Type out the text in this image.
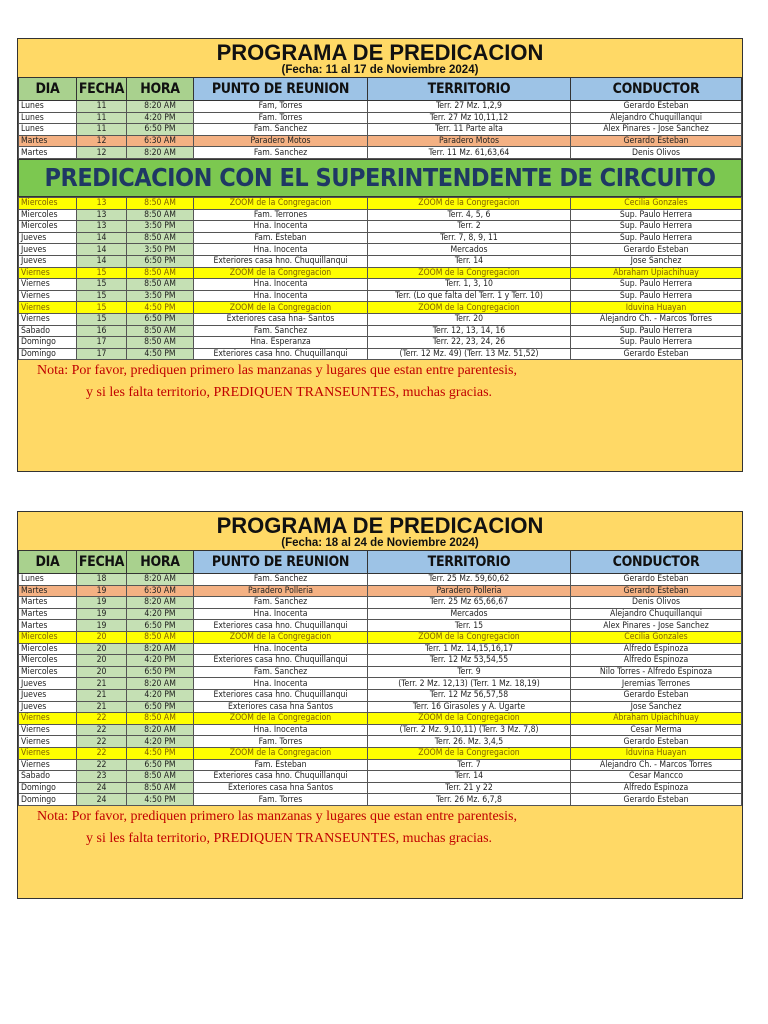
PROGRAMA DE PREDICACION
(Fecha: 11 al 17 de Noviembre 2024)
DIA	FECHA	HORA	PUNTO DE REUNION	TERRITORIO	CONDUCTOR
Lunes	11	8:20 AM	Fam, Torres	Terr. 27 Mz. 1,2,9	Gerardo Esteban
Lunes	11	4:20 PM	Fam. Torres	Terr. 27 Mz 10,11,12	Alejandro Chuquillanqui
Lunes	11	6:50 PM	Fam. Sanchez	Terr. 11 Parte alta	Alex Pinares - Jose Sanchez
Martes	12	6:30 AM	Paradero Motos	Paradero Motos	Gerardo Esteban
Martes	12	8:20 AM	Fam. Sanchez	Terr. 11 Mz. 61,63,64	Denis Olivos
PREDICACION CON EL SUPERINTENDENTE DE CIRCUITO
Miercoles	13	8:50 AM	ZOOM de la Congregacion	ZOOM de la Congregacion	Cecilia Gonzales
Miercoles	13	8:50 AM	Fam. Terrones	Terr. 4, 5, 6	Sup. Paulo Herrera
Miercoles	13	3:50 PM	Hna. Inocenta	Terr. 2	Sup. Paulo Herrera
Jueves	14	8:50 AM	Fam. Esteban	Terr. 7, 8, 9, 11	Sup. Paulo Herrera
Jueves	14	3:50 PM	Hna. Inocenta	Mercados	Gerardo Esteban
Jueves	14	6:50 PM	Exteriores casa hno. Chuquillanqui	Terr. 14	Jose Sanchez
Viernes	15	8:50 AM	ZOOM de la Congregacion	ZOOM de la Congregacion	Abraham Upiachihuay
Viernes	15	8:50 AM	Hna. Inocenta	Terr. 1, 3, 10	Sup. Paulo Herrera
Viernes	15	3:50 PM	Hna. Inocenta	Terr. (Lo que falta del Terr. 1 y Terr. 10)	Sup. Paulo Herrera
Viernes	15	4:50 PM	ZOOM de la Congregacion	ZOOM de la Congregacion	Iduvina Huayan
Viernes	15	6:50 PM	Exteriores casa hna- Santos	Terr. 20	Alejandro Ch. - Marcos Torres
Sabado	16	8:50 AM	Fam. Sanchez	Terr. 12, 13, 14, 16	Sup. Paulo Herrera
Domingo	17	8:50 AM	Hna. Esperanza	Terr. 22, 23, 24, 26	Sup. Paulo Herrera
Domingo	17	4:50 PM	Exteriores casa hno. Chuquillanqui	(Terr. 12 Mz. 49) (Terr. 13 Mz. 51,52)	Gerardo Esteban
Nota: Por favor, prediquen primero las manzanas y lugares que estan entre parentesis,
y si les falta territorio, PREDIQUEN TRANSEUNTES, muchas gracias.
PROGRAMA DE PREDICACION
(Fecha: 18 al 24 de Noviembre 2024)
DIA	FECHA	HORA	PUNTO DE REUNION	TERRITORIO	CONDUCTOR
Lunes	18	8:20 AM	Fam. Sanchez	Terr. 25 Mz. 59,60,62	Gerardo Esteban
Martes	19	6:30 AM	Paradero Polleria	Paradero Polleria	Gerardo Esteban
Martes	19	8:20 AM	Fam. Sanchez	Terr. 25 Mz 65,66,67	Denis Olivos
Martes	19	4:20 PM	Hna. Inocenta	Mercados	Alejandro Chuquillanqui
Martes	19	6:50 PM	Exteriores casa hno. Chuquillanqui	Terr. 15	Alex Pinares - Jose Sanchez
Miercoles	20	8:50 AM	ZOOM de la Congregacion	ZOOM de la Congregacion	Cecilia Gonzales
Miercoles	20	8:20 AM	Hna. Inocenta	Terr. 1 Mz. 14,15,16,17	Alfredo Espinoza
Miercoles	20	4:20 PM	Exteriores casa hno. Chuquillanqui	Terr. 12 Mz 53,54,55	Alfredo Espinoza
Miercoles	20	6:50 PM	Fam. Sanchez	Terr. 9	Nilo Torres - Alfredo Espinoza
Jueves	21	8:20 AM	Hna. Inocenta	(Terr. 2 Mz. 12,13) (Terr. 1 Mz. 18,19)	Jeremias Terrones
Jueves	21	4:20 PM	Exteriores casa hno. Chuquillanqui	Terr. 12 Mz 56,57,58	Gerardo Esteban
Jueves	21	6:50 PM	Exteriores casa hna Santos	Terr. 16 Girasoles y A. Ugarte	Jose Sanchez
Viernes	22	8:50 AM	ZOOM de la Congregacion	ZOOM de la Congregacion	Abraham Upiachihuay
Viernes	22	8:20 AM	Hna. Inocenta	(Terr. 2 Mz. 9,10,11) (Terr. 3 Mz. 7,8)	Cesar Merma
Viernes	22	4:20 PM	Fam. Torres	Terr. 26. Mz. 3,4,5	Gerardo Esteban
Viernes	22	4:50 PM	ZOOM de la Congregacion	ZOOM de la Congregacion	Iduvina Huayan
Viernes	22	6:50 PM	Fam. Esteban	Terr. 7	Alejandro Ch. - Marcos Torres
Sabado	23	8:50 AM	Exteriores casa hno. Chuquillanqui	Terr. 14	Cesar Mancco
Domingo	24	8:50 AM	Exteriores casa hna Santos	Terr. 21 y 22	Alfredo Espinoza
Domingo	24	4:50 PM	Fam. Torres	Terr. 26 Mz. 6,7,8	Gerardo Esteban
Nota: Por favor, prediquen primero las manzanas y lugares que estan entre parentesis,
y si les falta territorio, PREDIQUEN TRANSEUNTES, muchas gracias.
